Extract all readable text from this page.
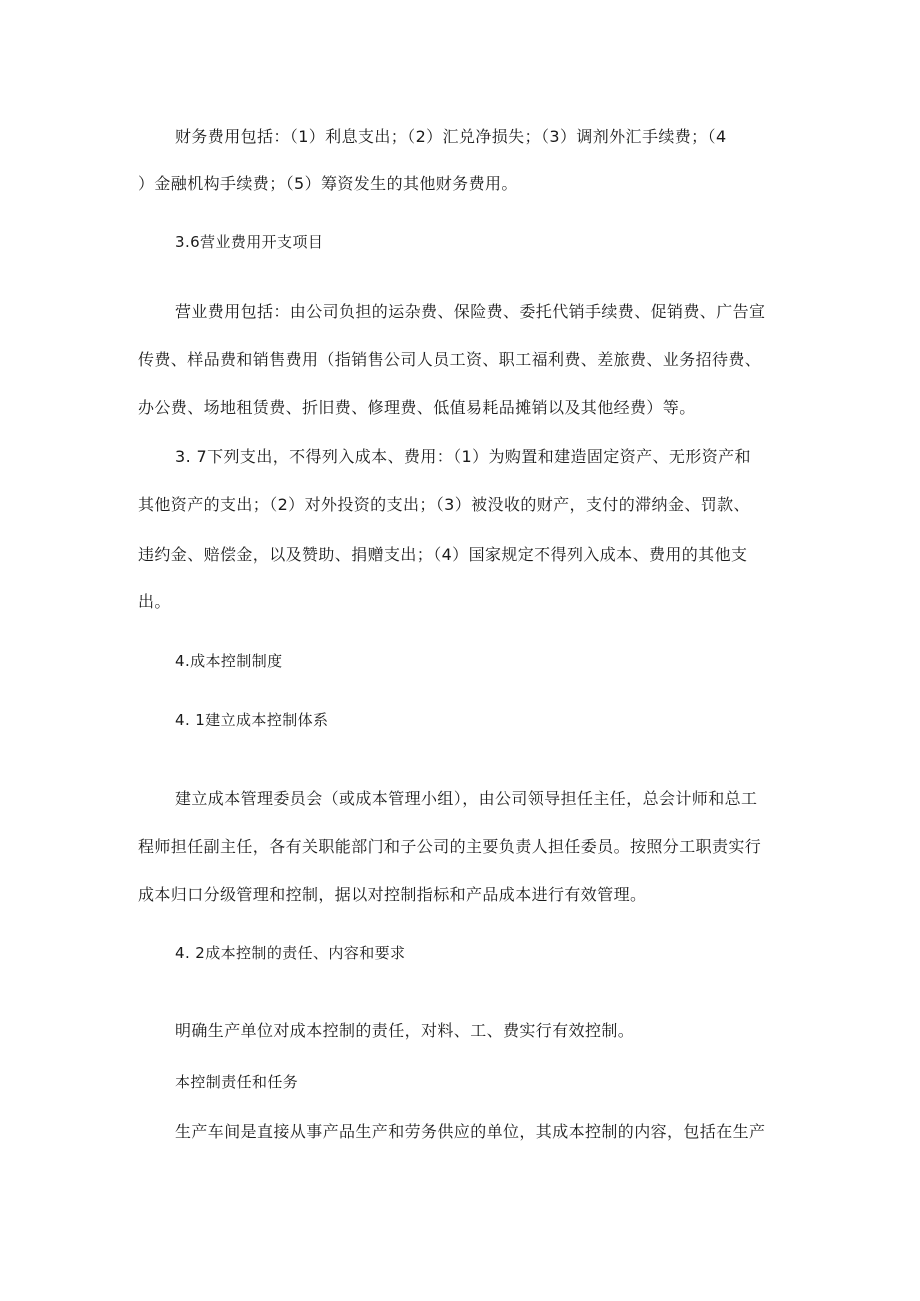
财务费用包括：（1）利息支出；（2）汇兑净损失；（3）调剂外汇手续费；（4
）金融机构手续费；（5）筹资发生的其他财务费用。
3.6营业费用开支项目
营业费用包括：由公司负担的运杂费、保险费、委托代销手续费、促销费、广告宣
传费、样品费和销售费用（指销售公司人员工资、职工福利费、差旅费、业务招待费、
办公费、场地租赁费、折旧费、修理费、低值易耗品摊销以及其他经费）等。
3. 7下列支出，不得列入成本、费用：（1）为购置和建造固定资产、无形资产和
其他资产的支出；（2）对外投资的支出；（3）被没收的财产，支付的滞纳金、罚款、
违约金、赔偿金，以及赞助、捐赠支出；（4）国家规定不得列入成本、费用的其他支
出。
4.成本控制制度
4. 1建立成本控制体系
建立成本管理委员会（或成本管理小组），由公司领导担任主任，总会计师和总工
程师担任副主任，各有关职能部门和子公司的主要负责人担任委员。按照分工职责实行
成本归口分级管理和控制，据以对控制指标和产品成本进行有效管理。
4. 2成本控制的责任、内容和要求
明确生产单位对成本控制的责任，对料、工、费实行有效控制。
本控制责任和任务
生产车间是直接从事产品生产和劳务供应的单位，其成本控制的内容，包括在生产
